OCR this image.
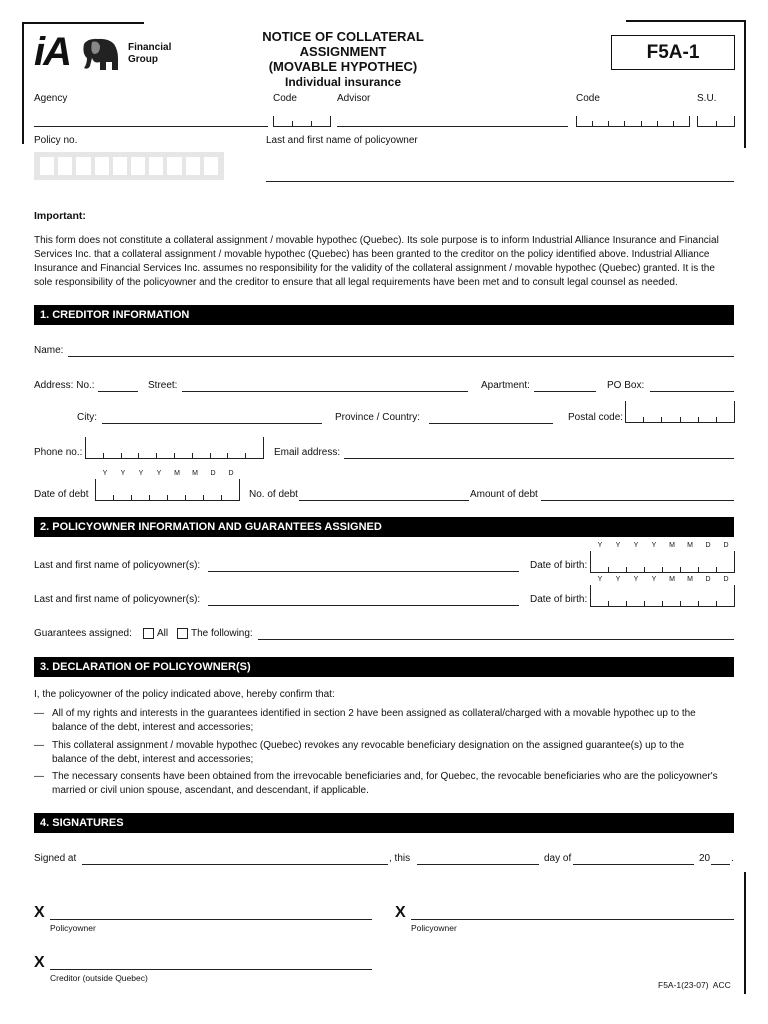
iA	Financial
Group
NOTICE OF COLLATERAL ASSIGNMENT
(MOVABLE HYPOTHEC)
Individual insurance
F5A-1
Agency	Code	Advisor	Code	S.U.
Policy no.	Last and first name of policyowner
Important:
This form does not constitute a collateral assignment / movable hypothec (Quebec). Its sole purpose is to inform Industrial Alliance Insurance and Financial
Services Inc. that a collateral assignment / movable hypothec (Quebec) has been granted to the creditor on the policy identified above. Industrial Alliance
Insurance and Financial Services Inc. assumes no responsibility for the validity of the collateral assignment / movable hypothec (Quebec) granted. It is the
sole responsibility of the policyowner and the creditor to ensure that all legal requirements have been met and to consult legal counsel as needed.
1. CREDITOR INFORMATION
Name:
Address: No.:	Street:	Apartment:	PO Box:
City:	Province / Country:	Postal code:
Phone no.:	Email address:
Y Y Y Y M M D D
Date of debt	No. of debt	Amount of debt
2. POLICYOWNER INFORMATION AND GUARANTEES ASSIGNED
Y Y Y Y M M D D
Last and first name of policyowner(s):	Date of birth:
Y Y Y Y M M D D
Last and first name of policyowner(s):	Date of birth:
Guarantees assigned:	All	The following:
3. DECLARATION OF POLICYOWNER(S)
I, the policyowner of the policy indicated above, hereby confirm that:
— All of my rights and interests in the guarantees identified in section 2 have been assigned as collateral/charged with a movable hypothec up to the
balance of the debt, interest and accessories;
— This collateral assignment / movable hypothec (Quebec) revokes any revocable beneficiary designation on the assigned guarantee(s) up to the
balance of the debt, interest and accessories;
— The necessary consents have been obtained from the irrevocable beneficiaries and, for Quebec, the revocable beneficiaries who are the policyowner's
married or civil union spouse, ascendant, and descendant, if applicable.
4. SIGNATURES
Signed at	, this	day of	20 .
X
Policyowner
X
Policyowner
X
Creditor (outside Quebec)
F5A-1(23-07)  ACC
